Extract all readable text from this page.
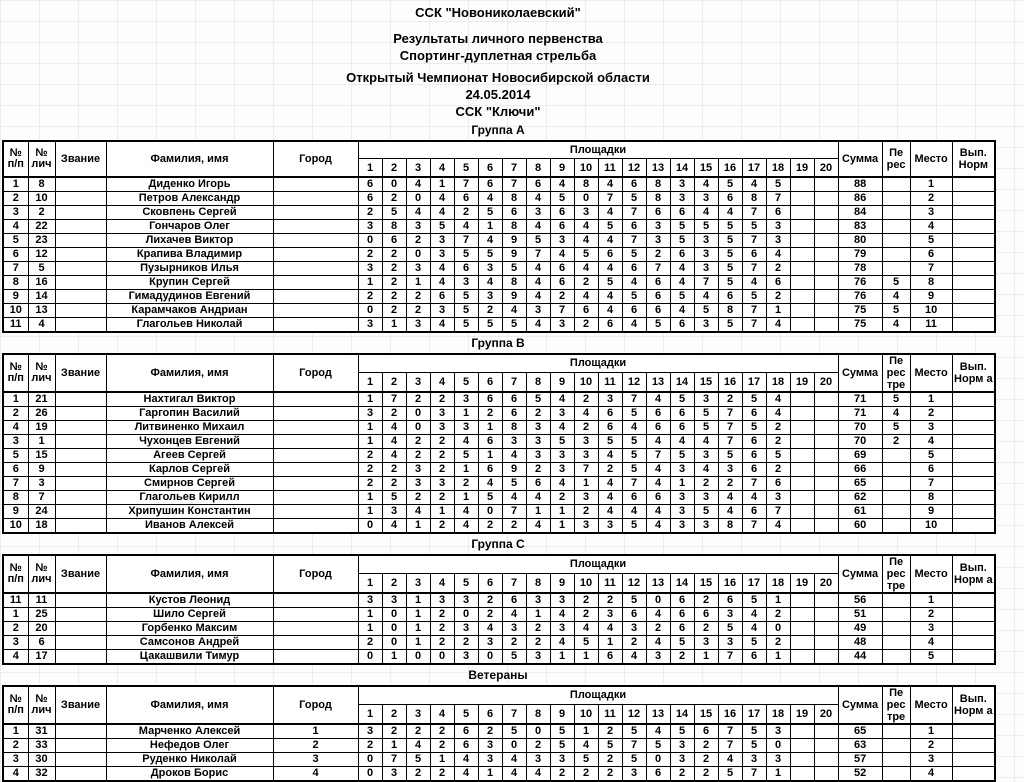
ССК "Новониколаевский"
Результаты личного первенства
Спортинг-дуплетная стрельба
Открытый Чемпионат Новосибирской области
24.05.2014
ССК "Ключи"
Группа А
№ п/п	№ лич	Звание	Фамилия, имя	Город	Площадки																				Сумма	Пе рес	Место	Вып. Норм
					1	2	3	4	5	6	7	8	9	10	11	12	13	14	15	16	17	18	19	20				
1	8		Диденко Игорь		6	0	4	1	7	6	7	6	4	8	4	6	8	3	4	5	4	5			88		1	
2	10		Петров Александр		6	2	0	4	6	4	8	4	5	0	7	5	8	3	3	6	8	7			86		2	
3	2		Сковпень Сергей		2	5	4	4	2	5	6	3	6	3	4	7	6	6	4	4	7	6			84		3	
4	22		Гончаров Олег		3	8	3	5	4	1	8	4	6	4	5	6	3	5	5	5	5	3			83		4	
5	23		Лихачев Виктор		0	6	2	3	7	4	9	5	3	4	4	7	3	5	3	5	7	3			80		5	
6	12		Крапива Владимир		2	2	0	3	5	5	9	7	4	5	6	5	2	6	3	5	6	4			79		6	
7	5		Пузырников Илья		3	2	3	4	6	3	5	4	6	4	4	6	7	4	3	5	7	2			78		7	
8	16		Крупин Сергей		1	2	1	4	3	4	8	4	6	2	5	4	6	4	7	5	4	6			76	5	8	
9	14		Гимадудинов Евгений		2	2	2	6	5	3	9	4	2	4	4	5	6	5	4	6	5	2			76	4	9	
10	13		Карамчаков Андриан		0	2	2	3	5	2	4	3	7	6	4	6	6	4	5	8	7	1			75	5	10	
11	4		Глагольев Николай		3	1	3	4	5	5	5	4	3	2	6	4	5	6	3	5	7	4			75	4	11	
Группа В
№ п/п	№ лич	Звание	Фамилия, имя	Город	Площадки																				Сумма	Пе рес тре	Место	Вып. Норм а
					1	2	3	4	5	6	7	8	9	10	11	12	13	14	15	16	17	18	19	20				
1	21		Нахтигал Виктор		1	7	2	2	3	6	6	5	4	2	3	7	4	5	3	2	5	4			71	5	1	
2	26		Гаргопин Василий		3	2	0	3	1	2	6	2	3	4	6	5	6	6	5	7	6	4			71	4	2	
4	19		Литвиненко Михаил		1	4	0	3	3	1	8	3	4	2	6	4	6	6	5	7	5	2			70	5	3	
3	1		Чухонцев Евгений		1	4	2	2	4	6	3	3	5	3	5	5	4	4	4	7	6	2			70	2	4	
5	15		Агеев Сергей		2	4	2	2	5	1	4	3	3	3	4	5	7	5	3	5	6	5			69		5	
6	9		Карлов Сергей		2	2	3	2	1	6	9	2	3	7	2	5	4	3	4	3	6	2			66		6	
7	3		Смирнов Сергей		2	2	3	3	2	4	5	6	4	1	4	7	4	1	2	2	7	6			65		7	
8	7		Глагольев Кирилл		1	5	2	2	1	5	4	4	2	3	4	6	6	3	3	4	4	3			62		8	
9	24		Хрипушин Константин		1	3	4	1	4	0	7	1	1	2	4	4	4	3	5	4	6	7			61		9	
10	18		Иванов Алексей		0	4	1	2	4	2	2	4	1	3	3	5	4	3	3	8	7	4			60		10	
Группа С
№ п/п	№ лич	Звание	Фамилия, имя	Город	Площадки																				Сумма	Пе рес тре	Место	Вып. Норм а
					1	2	3	4	5	6	7	8	9	10	11	12	13	14	15	16	17	18	19	20				
11	11		Кустов Леонид		3	3	1	3	3	2	6	3	3	2	2	5	0	6	2	6	5	1			56		1	
1	25		Шило Сергей		1	0	1	2	0	2	4	1	4	2	3	6	4	6	6	3	4	2			51		2	
2	20		Горбенко Максим		1	0	1	2	3	4	3	2	3	4	4	3	2	6	2	5	4	0			49		3	
3	6		Самсонов Андрей		2	0	1	2	2	3	2	2	4	5	1	2	4	5	3	3	5	2			48		4	
4	17		Цакашвили Тимур		0	1	0	0	3	0	5	3	1	1	6	4	3	2	1	7	6	1			44		5	
Ветераны
№ п/п	№ лич	Звание	Фамилия, имя	Город	Площадки																				Сумма	Пе рес тре	Место	Вып. Норм а
					1	2	3	4	5	6	7	8	9	10	11	12	13	14	15	16	17	18	19	20				
1	31		Марченко Алексей	1	3	2	2	2	6	2	5	0	5	1	2	5	4	5	6	7	5	3			65		1	
2	33		Нефедов Олег	2	2	1	4	2	6	3	0	2	5	4	5	7	5	3	2	7	5	0			63		2	
3	30		Руденко Николай	3	0	7	5	1	4	3	4	3	3	5	2	5	0	3	2	4	3	3			57		3	
4	32		Дроков Борис	4	0	3	2	2	4	1	4	4	2	2	2	3	6	2	2	5	7	1			52		4	
